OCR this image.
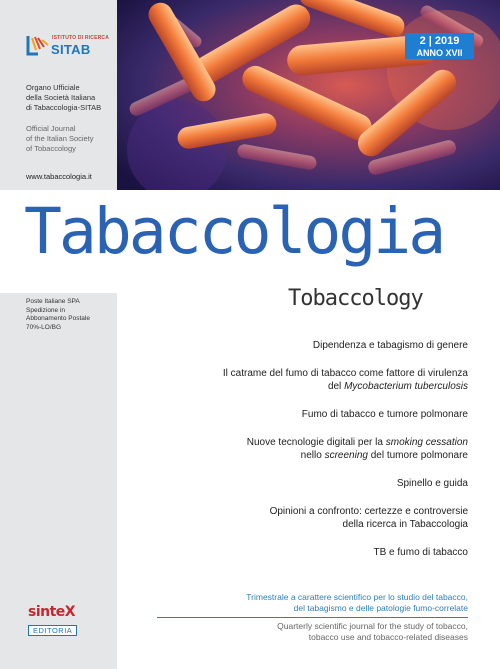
ISTITUTO DI RICERCA
SITAB
Organo Ufficiale
della Società Italiana
di Tabaccologia-SITAB
Official Journal
of the Italian Society
of Tobaccology
www.tabaccologia.it
2 | 2019
ANNO XVII
Tabaccologia
Tobaccology
Poste Italiane SPA
Spedizione in
Abbonamento Postale
70%-LO/BG
Dipendenza e tabagismo di genere
Il catrame del fumo di tabacco come fattore di virulenza
del Mycobacterium tuberculosis
Fumo di tabacco e tumore polmonare
Nuove tecnologie digitali per la smoking cessation
nello screening del tumore polmonare
Spinello e guida
Opinioni a confronto: certezze e controversie
della ricerca in Tabaccologia
TB e fumo di tabacco
sinteX
EDITORIA
Trimestrale a carattere scientifico per lo studio del tabacco,
del tabagismo e delle patologie fumo-correlate
Quarterly scientific journal for the study of tobacco,
tobacco use and tobacco-related diseases
